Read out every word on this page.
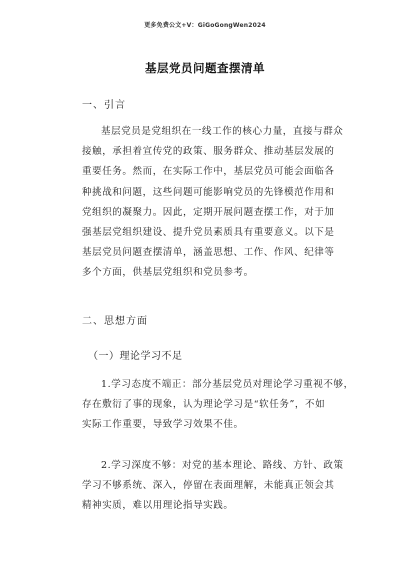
更多免费公文+V：GiGoGongWen2024
基层党员问题查摆清单
一、引言
基层党员是党组织在一线工作的核心力量，直接与群众
接触，承担着宣传党的政策、服务群众、推动基层发展的
重要任务。然而，在实际工作中，基层党员可能会面临各
种挑战和问题，这些问题可能影响党员的先锋模范作用和
党组织的凝聚力。因此，定期开展问题查摆工作，对于加
强基层党组织建设、提升党员素质具有重要意义。以下是
基层党员问题查摆清单，涵盖思想、工作、作风、纪律等
多个方面，供基层党组织和党员参考。
二、思想方面
（一）理论学习不足
1.学习态度不端正：部分基层党员对理论学习重视不够，
存在敷衍了事的现象，认为理论学习是“软任务”，不如
实际工作重要，导致学习效果不佳。
2.学习深度不够：对党的基本理论、路线、方针、政策
学习不够系统、深入，停留在表面理解，未能真正领会其
精神实质，难以用理论指导实践。
